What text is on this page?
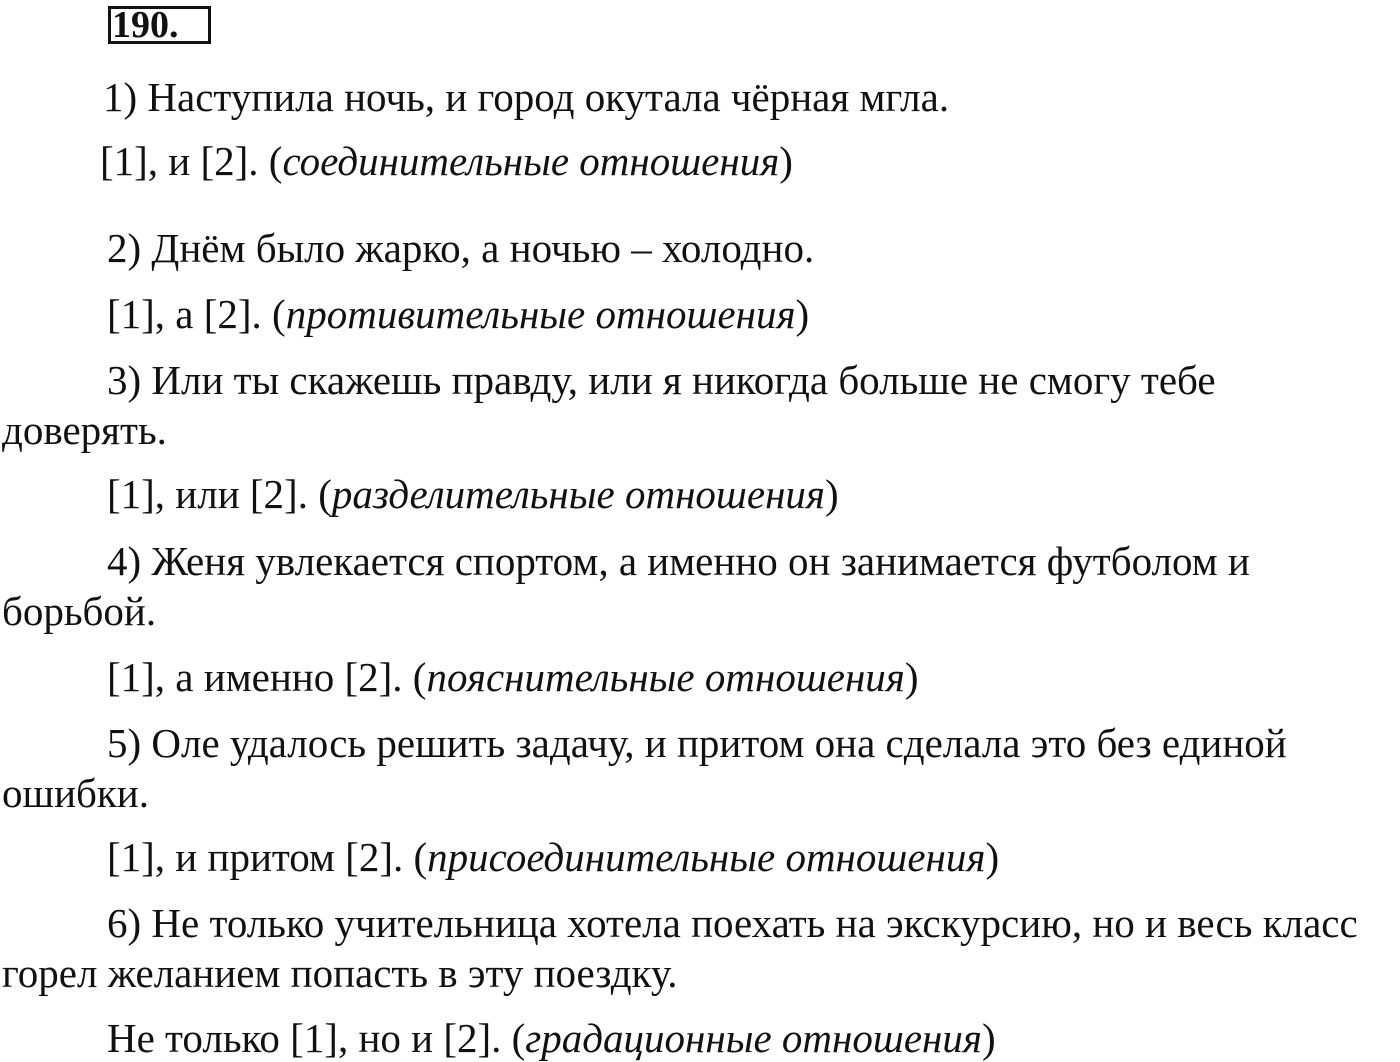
190.
1) Наступила ночь, и город окутала чёрная мгла.
[1], и [2]. (соединительные отношения)
2) Днём было жарко, а ночью – холодно.
[1], а [2]. (противительные отношения)
3) Или ты скажешь правду, или я никогда больше не смогу тебе
доверять.
[1], или [2]. (разделительные отношения)
4) Женя увлекается спортом, а именно он занимается футболом и
борьбой.
[1], а именно [2]. (пояснительные отношения)
5) Оле удалось решить задачу, и притом она сделала это без единой
ошибки.
[1], и притом [2]. (присоединительные отношения)
6) Не только учительница хотела поехать на экскурсию, но и весь класс
горел желанием попасть в эту поездку.
Не только [1], но и [2]. (градационные отношения)
